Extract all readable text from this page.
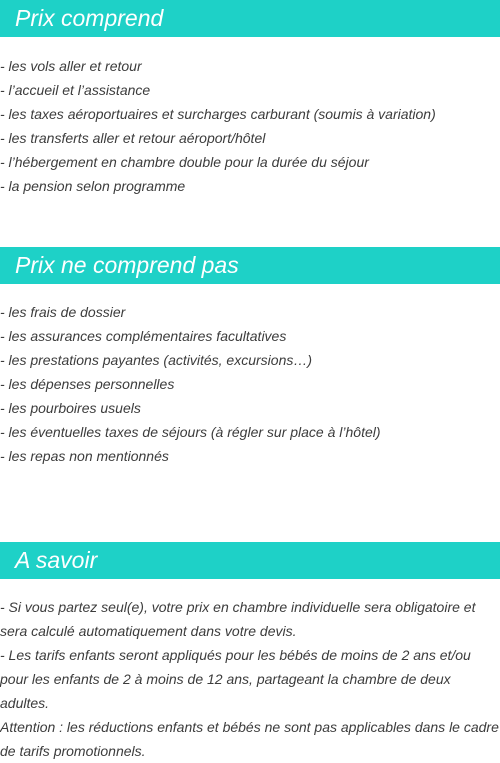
Prix comprend
- les vols aller et retour
- l’accueil et l’assistance
- les taxes aéroportuaires et surcharges carburant (soumis à variation)
- les transferts aller et retour aéroport/hôtel
- l’hébergement en chambre double pour la durée du séjour
- la pension selon programme
Prix ne comprend pas
- les frais de dossier
- les assurances complémentaires facultatives
- les prestations payantes (activités, excursions…)
- les dépenses personnelles
- les pourboires usuels
- les éventuelles taxes de séjours (à régler sur place à l’hôtel)
- les repas non mentionnés
A savoir

- Si vous partez seul(e), votre prix en chambre individuelle sera obligatoire et sera calculé automatiquement dans votre devis.

- Les tarifs enfants seront appliqués pour les bébés de moins de 2 ans et/ou pour les enfants de 2 à moins de 12 ans, partageant la chambre de deux adultes.

Attention : les réductions enfants et bébés ne sont pas applicables dans le cadre de tarifs promotionnels.
